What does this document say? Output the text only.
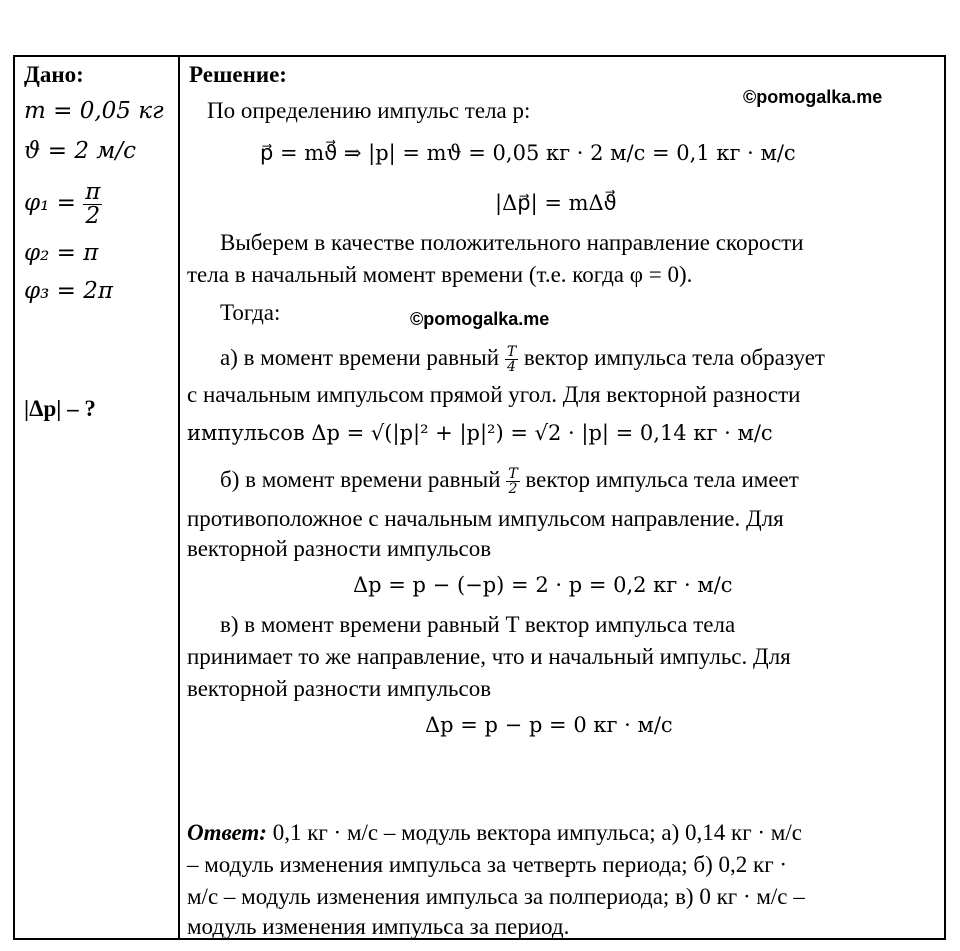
Дано:
m = 0,05 кг
ϑ = 2 м/с
$\varphi_1 = \frac{\pi}{2}$
φ₂ = π
φ₃ = 2π
|Δp| – ?
Решение:
©pomogalka.me
По определению импульс тела p:
p⃗ = mϑ⃗ ⇒ |p| = mϑ = 0,05 кг · 2 м/с = 0,1 кг · м/с
|Δp⃗| = mΔϑ⃗
Выберем в качестве положительного направление скорости
тела в начальный момент времени (т.е. когда φ = 0).
Тогда:	©pomogalka.me
а) в момент времени равный $\frac{T}{4}$ вектор импульса тела образует
с начальным импульсом прямой угол. Для векторной разности
импульсов Δp = √(|p|² + |p|²) = √2 · |p| = 0,14 кг · м/с
б) в момент времени равный $\frac{T}{2}$ вектор импульса тела имеет
противоположное с начальным импульсом направление. Для
векторной разности импульсов
Δp = p − (−p) = 2 · p = 0,2 кг · м/с
в) в момент времени равный T вектор импульса тела
принимает то же направление, что и начальный импульс. Для
векторной разности импульсов
Δp = p − p = 0 кг · м/с
Ответ: 0,1 кг · м/с – модуль вектора импульса; а) 0,14 кг · м/с
– модуль изменения импульса за четверть периода; б) 0,2 кг ·
м/с – модуль изменения импульса за полпериода; в) 0 кг · м/с –
модуль изменения импульса за период.
